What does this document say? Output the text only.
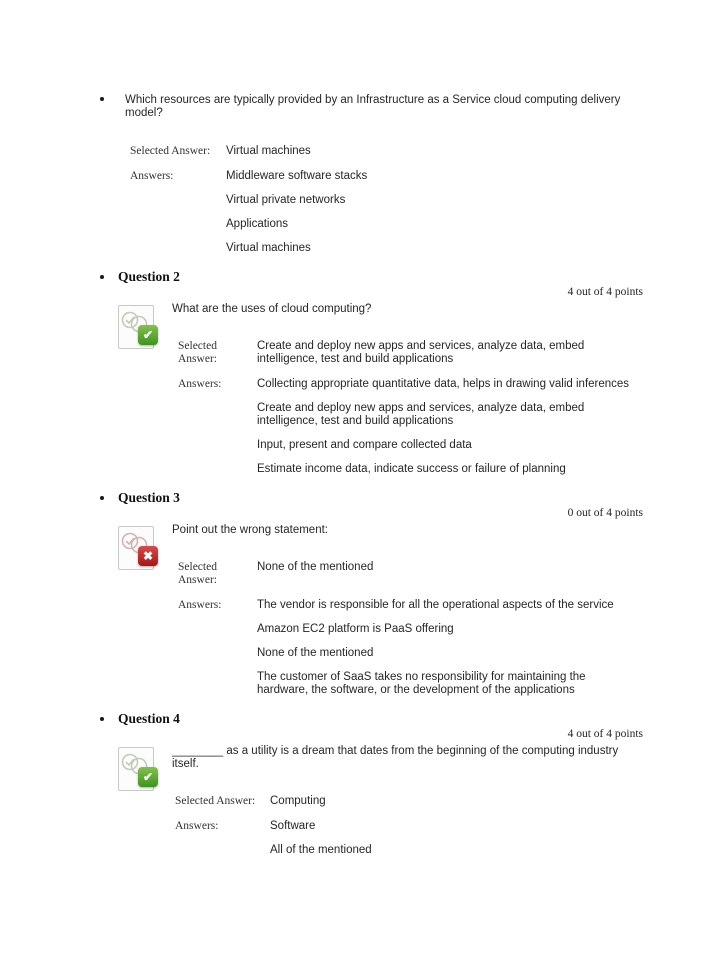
Which resources are typically provided by an Infrastructure as a Service cloud computing delivery model?

Selected Answer:	Virtual machines
Answers:	Middleware software stacks
Virtual private networks
Applications
Virtual machines
Question 2
4 out of 4 points
✔

What are the uses of cloud computing?

Selected Answer:
Create and deploy new apps and services, analyze data, embed intelligence, test and build applications
Answers:	Collecting appropriate quantitative data, helps in drawing valid inferences
Create and deploy new apps and services, analyze data, embed intelligence, test and build applications
Input, present and compare collected data
Estimate income data, indicate success or failure of planning
Question 3
0 out of 4 points
✖

Point out the wrong statement:

Selected Answer:
None of the mentioned
Answers:	The vendor is responsible for all the operational aspects of the service
Amazon EC2 platform is PaaS offering
None of the mentioned
The customer of SaaS takes no responsibility for maintaining the hardware, the software, or the development of the applications
Question 4
4 out of 4 points
✔

________ as a utility is a dream that dates from the beginning of the computing industry itself.

Selected Answer:	Computing
Answers:	Software
All of the mentioned
